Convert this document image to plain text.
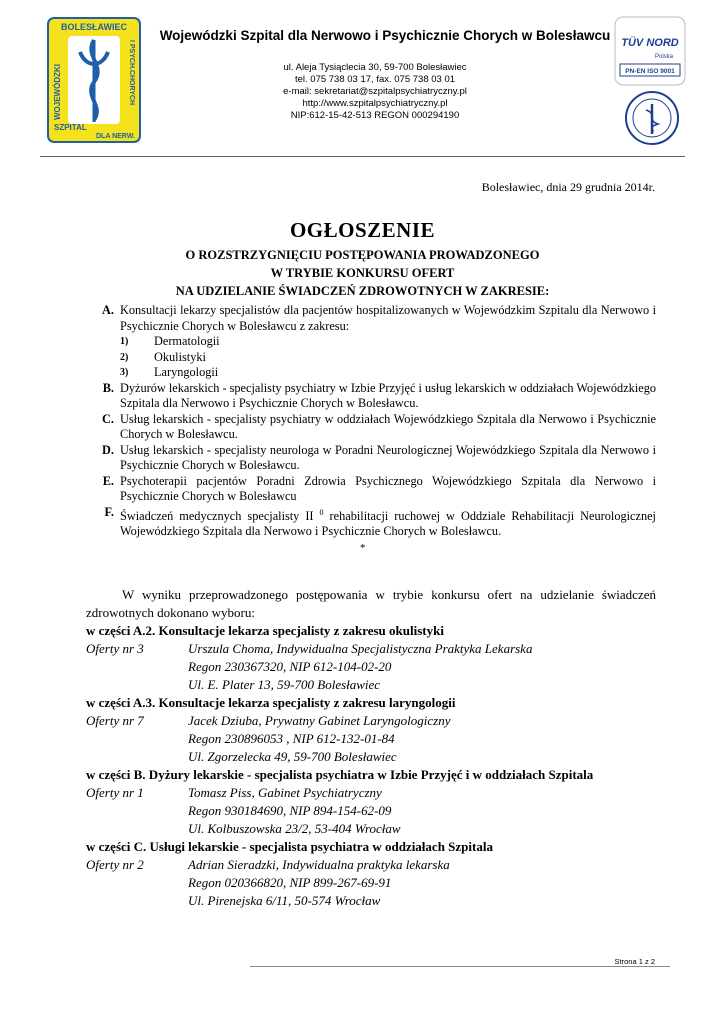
BOLESŁAWIEC
WOJEWÓDZKI
SZPITAL
DLA NERW.
I PSYCH.CHORYCH
Wojewódzki Szpital dla Nerwowo i Psychicznie Chorych w Bolesławcu
ul. Aleja Tysiąclecia 30, 59-700 Bolesławiec
tel. 075 738 03 17, fax. 075 738 03 01
e-mail: sekretariat@szpitalpsychiatryczny.pl
http://www.szpitalpsychiatryczny.pl
NIP:612-15-42-513 REGON 000294190
TÜV NORD
Polska
PN-EN ISO 9001
Bolesławiec, dnia 29 grudnia 2014r.
OGŁOSZENIE
O ROZSTRZYGNIĘCIU POSTĘPOWANIA PROWADZONEGO
W TRYBIE KONKURSU OFERT
NA UDZIELANIE ŚWIADCZEŃ ZDROWOTNYCH W ZAKRESIE:
A. Konsultacji lekarzy specjalistów dla pacjentów hospitalizowanych w Wojewódzkim Szpitalu dla Nerwowo i Psychicznie Chorych w Bolesławcu z zakresu:
1)	Dermatologii
2)	Okulistyki
3)	Laryngologii
B. Dyżurów lekarskich - specjalisty psychiatry w Izbie Przyjęć i usług lekarskich w oddziałach Wojewódzkiego Szpitala dla Nerwowo i Psychicznie Chorych w Bolesławcu.
C. Usług lekarskich - specjalisty psychiatry w oddziałach Wojewódzkiego Szpitala dla Nerwowo i Psychicznie Chorych w Bolesławcu.
D. Usług lekarskich - specjalisty neurologa w Poradni Neurologicznej Wojewódzkiego Szpitala dla Nerwowo i Psychicznie Chorych w Bolesławcu.
E. Psychoterapii pacjentów Poradni Zdrowia Psychicznego Wojewódzkiego Szpitala dla Nerwowo i Psychicznie Chorych w Bolesławcu
F. Świadczeń medycznych specjalisty II $^0$ rehabilitacji ruchowej w Oddziale Rehabilitacji Neurologicznej Wojewódzkiego Szpitala dla Nerwowo i Psychicznie Chorych w Bolesławcu.
*
W wyniku przeprowadzonego postępowania w trybie konkursu ofert na udzielanie świadczeń zdrowotnych dokonano wyboru:
w części A.2. Konsultacje lekarza specjalisty z zakresu okulistyki
Oferty nr 3	Urszula Choma, Indywidualna Specjalistyczna Praktyka Lekarska
Regon 230367320, NIP 612-104-02-20
Ul. E. Plater 13, 59-700 Bolesławiec
w części A.3. Konsultacje lekarza specjalisty z zakresu laryngologii
Oferty nr 7	Jacek Dziuba, Prywatny Gabinet Laryngologiczny
Regon 230896053 , NIP 612-132-01-84
Ul. Zgorzelecka 49, 59-700 Bolesławiec
w części B. Dyżury lekarskie - specjalista psychiatra w Izbie Przyjęć i w oddziałach Szpitala
Oferty nr 1	Tomasz Piss, Gabinet Psychiatryczny
Regon 930184690, NIP 894-154-62-09
Ul. Kolbuszowska 23/2, 53-404 Wrocław
w części C. Usługi lekarskie - specjalista psychiatra w oddziałach Szpitala
Oferty nr 2	Adrian Sieradzki, Indywidualna praktyka lekarska
Regon 020366820, NIP 899-267-69-91
Ul. Pirenejska 6/11, 50-574 Wrocław
Strona 1 z 2
